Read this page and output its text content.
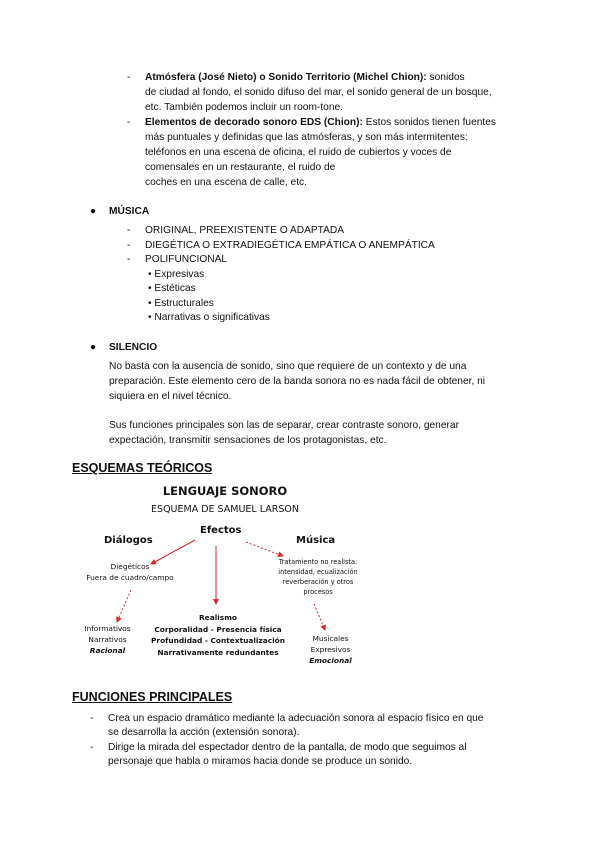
- Atmósfera (José Nieto) o Sonido Territorio (Michel Chion): sonidos
de ciudad al fondo, el sonido difuso del mar, el sonido general de un bosque,
etc. También podemos incluir un room-tone.
- Elementos de decorado sonoro EDS (Chion): Estos sonidos tienen fuentes
más puntuales y definidas que las atmósferas, y son más intermitentes:
teléfonos en una escena de oficina, el ruido de cubiertos y voces de
comensales en un restaurante, el ruido de
coches en una escena de calle, etc.
● MÚSICA
- ORIGINAL, PREEXISTENTE O ADAPTADA
- DIEGÉTICA O EXTRADIEGÉTICA EMPÁTICA O ANEMPÁTICA
- POLIFUNCIONAL
• Expresivas
• Estéticas
• Estructurales
• Narrativas o significativas
● SILENCIO
No basta con la ausencia de sonido, sino que requiere de un contexto y de una
preparación. Este elemento cero de la banda sonora no es nada fácil de obtener, ni
siquiera en el nivel técnico.
Sus funciones principales son las de separar, crear contraste sonoro, generar
expectación, transmitir sensaciones de los protagonistas, etc.
ESQUEMAS TEÓRICOS
LENGUAJE SONORO
ESQUEMA DE SAMUEL LARSON
Diálogos
Efectos
Música
Diegéticos
Fuera de cuadro/campo
Tratamiento no realista:
intensidad, ecualización
reverberación y otros
procesos
Informativos
Narrativos
Racional
Realismo
Corporalidad - Presencia física
Profundidad - Contextualización
Narrativamente redundantes
Musicales
Expresivos
Emocional
FUNCIONES PRINCIPALES
- Crea un espacio dramático mediante la adecuación sonora al espacio físico en que
se desarrolla la acción (extensión sonora).
- Dirige la mirada del espectador dentro de la pantalla, de modo que seguimos al
personaje que habla o miramos hacia donde se produce un sonido.
